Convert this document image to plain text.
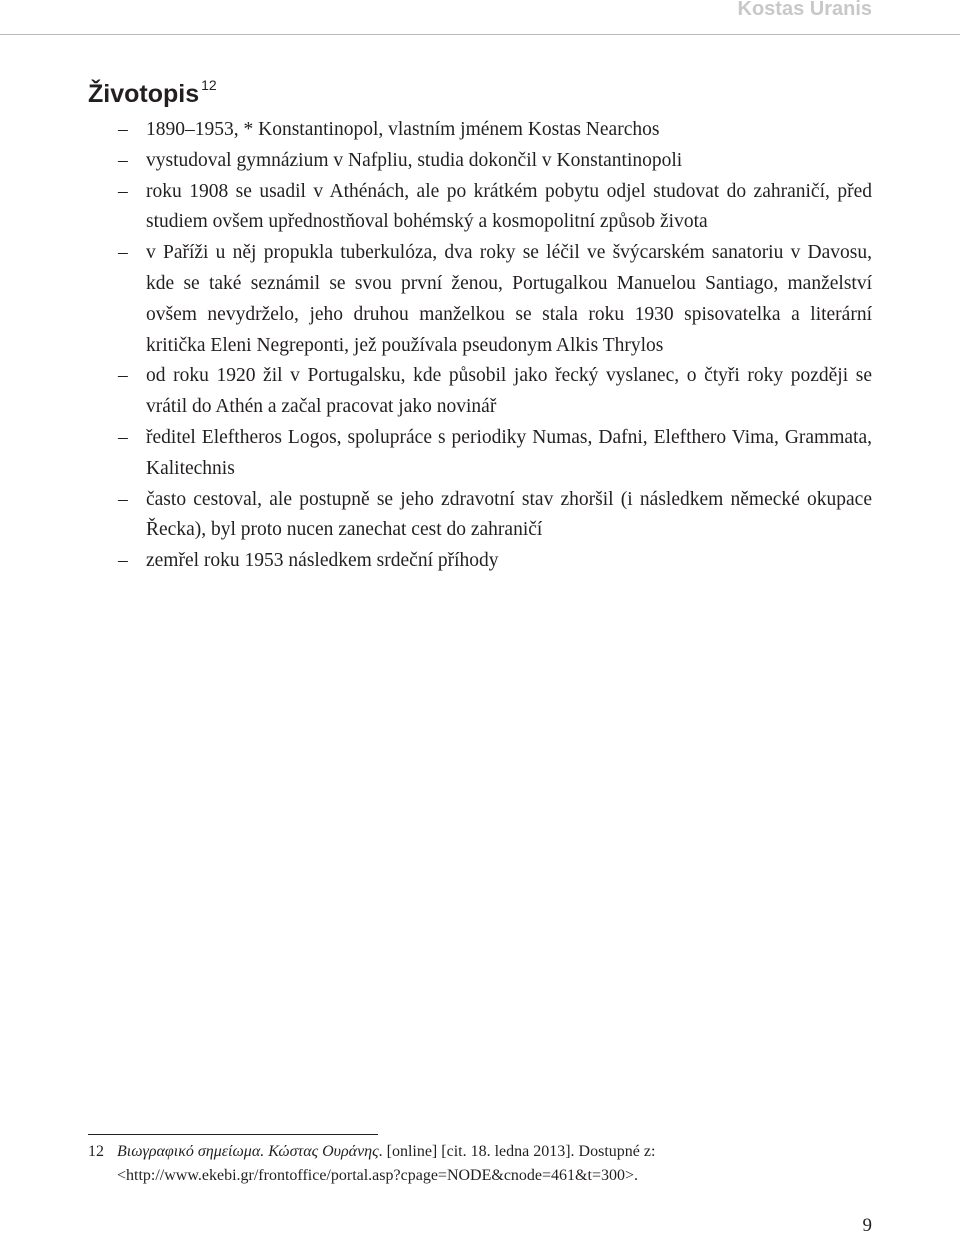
Kostas Uranis
Životopis $^{12}$
– 1890–1953, * Konstantinopol, vlastním jménem Kostas Nearchos
– vystudoval gymnázium v Nafpliu, studia dokončil v Konstantinopoli
– roku 1908 se usadil v Athénách, ale po krátkém pobytu odjel studovat do zahraničí, před studiem ovšem upřednostňoval bohémský a kosmopolitní způsob života
– v Paříži u něj propukla tuberkulóza, dva roky se léčil ve švýcarském sanatoriu v Davosu, kde se také seznámil se svou první ženou, Portugalkou Manuelou Santiago, manželství ovšem nevydrželo, jeho druhou manželkou se stala roku 1930 spisovatelka a literární kritička Eleni Negreponti, jež používala pseudonym Alkis Thrylos
– od roku 1920 žil v Portugalsku, kde působil jako řecký vyslanec, o čtyři roky později se vrátil do Athén a začal pracovat jako novinář
– ředitel Eleftheros Logos, spolupráce s periodiky Numas, Dafni, Elefthero Vima, Grammata, Kalitechnis
– často cestoval, ale postupně se jeho zdravotní stav zhoršil (i následkem německé okupace Řecka), byl proto nucen zanechat cest do zahraničí
– zemřel roku 1953 následkem srdeční příhody
12 Βιωγραφικό σημείωμα. Κώστας Ουράνης. [online] [cit. 18. ledna 2013]. Dostupné z: <http://www.ekebi.gr/frontoffice/portal.asp?cpage=NODE&cnode=461&t=300>.
9
